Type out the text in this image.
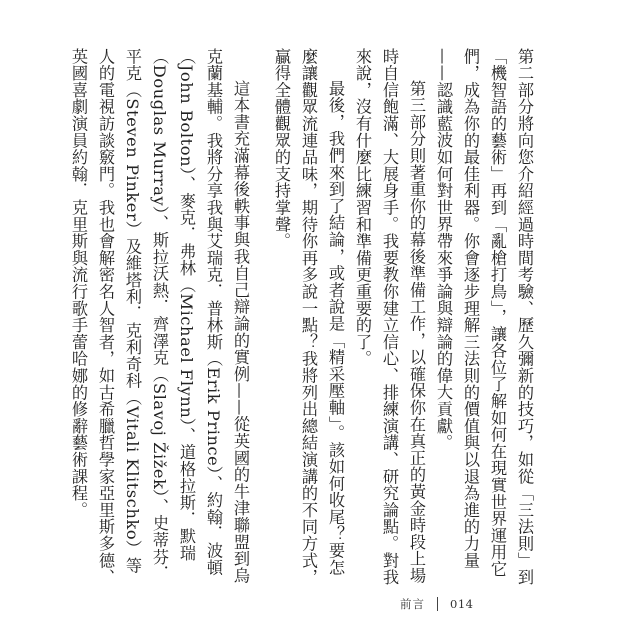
第二部分將向您介紹經過時間考驗、歷久彌新的技巧，如從「三法則」到「機智語的藝術」再到「亂槍打鳥」，讓各位了解如何在現實世界運用它們，成為你的最佳利器。你會逐步理解三法則的價值與以退為進的力量——認識藍波如何對世界帶來爭論與辯論的偉大貢獻。

第三部分則著重你的幕後準備工作，以確保你在真正的黃金時段上場時自信飽滿、大展身手。我要教你建立信心、排練演講、研究論點。對我來說，沒有什麼比練習和準備更重要的了。

最後，我們來到了結論，或者說是「精采壓軸」。該如何收尾？要怎麼讓觀眾流連品味，期待你再多說一點？我將列出總結演講的不同方式，贏得全體觀眾的支持掌聲。

這本書充滿幕後軼事與我自己辯論的實例——從英國的牛津聯盟到烏克蘭基輔。我將分享我與艾瑞克．普林斯（Erik Prince）、約翰．波頓（John Bolton）、麥克．弗林（Michael Flynn）、道格拉斯．默瑞（Douglas Murray）、斯拉沃熱．齊澤克（Slavoj Žižek）、史蒂芬．平克（Steven Pinker）及維塔利．克利奇科（Vitali Klitschko）等人的電視訪談竅門。我也會解密名人智者，如古希臘哲學家亞里斯多德、英國喜劇演員約翰．克里斯與流行歌手蕾哈娜的修辭藝術課程。

前言 014
